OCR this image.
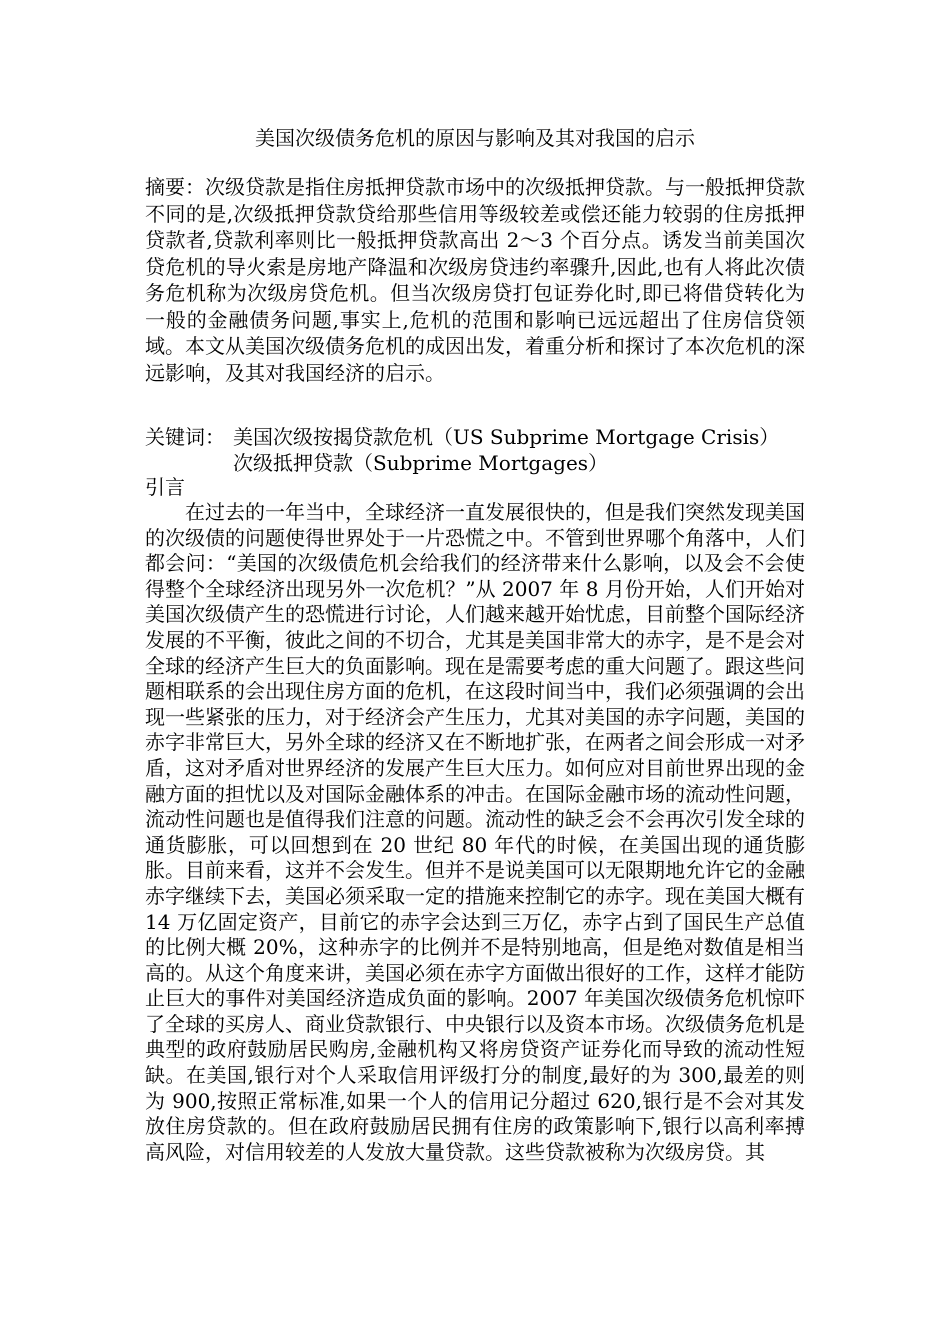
美国次级债务危机的原因与影响及其对我国的启示
摘要：次级贷款是指住房抵押贷款市场中的次级抵押贷款。与一般抵押贷款不同的是,次级抵押贷款贷给那些信用等级较差或偿还能力较弱的住房抵押贷款者,贷款利率则比一般抵押贷款高出 2～3 个百分点。诱发当前美国次贷危机的导火索是房地产降温和次级房贷违约率骤升,因此,也有人将此次债务危机称为次级房贷危机。但当次级房贷打包证券化时,即已将借贷转化为一般的金融债务问题,事实上,危机的范围和影响已远远超出了住房信贷领域。本文从美国次级债务危机的成因出发，着重分析和探讨了本次危机的深远影响，及其对我国经济的启示。
关键词： 美国次级按揭贷款危机（US Subprime Mortgage Crisis）
次级抵押贷款（Subprime Mortgages）
引言
在过去的一年当中，全球经济一直发展很快的，但是我们突然发现美国的次级债的问题使得世界处于一片恐慌之中。不管到世界哪个角落中，人们都会问：“美国的次级债危机会给我们的经济带来什么影响，以及会不会使得整个全球经济出现另外一次危机？”从 2007 年 8 月份开始，人们开始对美国次级债产生的恐慌进行讨论，人们越来越开始忧虑，目前整个国际经济发展的不平衡，彼此之间的不切合，尤其是美国非常大的赤字，是不是会对全球的经济产生巨大的负面影响。现在是需要考虑的重大问题了。跟这些问题相联系的会出现住房方面的危机，在这段时间当中，我们必须强调的会出现一些紧张的压力，对于经济会产生压力，尤其对美国的赤字问题，美国的赤字非常巨大，另外全球的经济又在不断地扩张，在两者之间会形成一对矛盾，这对矛盾对世界经济的发展产生巨大压力。如何应对目前世界出现的金融方面的担忧以及对国际金融体系的冲击。在国际金融市场的流动性问题，流动性问题也是值得我们注意的问题。流动性的缺乏会不会再次引发全球的通货膨胀，可以回想到在 20 世纪 80 年代的时候，在美国出现的通货膨胀。目前来看，这并不会发生。但并不是说美国可以无限期地允许它的金融赤字继续下去，美国必须采取一定的措施来控制它的赤字。现在美国大概有 14 万亿固定资产，目前它的赤字会达到三万亿，赤字占到了国民生产总值的比例大概 20%，这种赤字的比例并不是特别地高，但是绝对数值是相当高的。从这个角度来讲，美国必须在赤字方面做出很好的工作，这样才能防止巨大的事件对美国经济造成负面的影响。2007 年美国次级债务危机惊吓了全球的买房人、商业贷款银行、中央银行以及资本市场。次级债务危机是典型的政府鼓励居民购房,金融机构又将房贷资产证券化而导致的流动性短缺。在美国,银行对个人采取信用评级打分的制度,最好的为 300,最差的则为 900,按照正常标准,如果一个人的信用记分超过 620,银行是不会对其发放住房贷款的。但在政府鼓励居民拥有住房的政策影响下,银行以高利率搏高风险，对信用较差的人发放大量贷款。这些贷款被称为次级房贷。其
